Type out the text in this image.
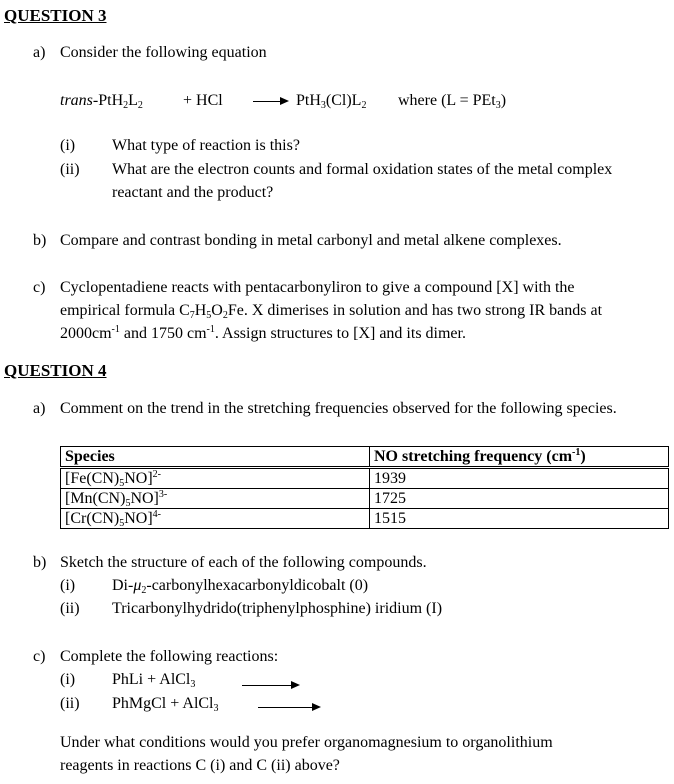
QUESTION 3
a) Consider the following equation
trans-$PtH_2L_2$	+ HCl	$PtH_3(Cl)L_2$ where (L = PEt$_3$)
(i) What type of reaction is this?
(ii) What are the electron counts and formal oxidation states of the metal complex
reactant and the product?
b) Compare and contrast bonding in metal carbonyl and metal alkene complexes.
c) Cyclopentadiene reacts with pentacarbonyliron to give a compound [X] with the
empirical formula $C_7H_5O_2Fe$. X dimerises in solution and has two strong IR bands at
$2000cm^{-1}$ and 1750 $cm^{-1}$. Assign structures to [X] and its dimer.
QUESTION 4
a) Comment on the trend in the stretching frequencies observed for the following species.
Species	NO stretching frequency $(cm^{-1})$
$[Fe(CN)_5NO]^{2-}$	1939
$[Mn(CN)_5NO]^{3-}$	1725
$[Cr(CN)_5NO]^{4-}$	1515
b) Sketch the structure of each of the following compounds.
(i) $Di-\mu_2$-carbonylhexacarbonyldicobalt (0)
(ii) Tricarbonylhydrido(triphenylphosphine) iridium (I)
c) Complete the following reactions:
(i) PhLi + AlCl$_3$
(ii) PhMgCl + AlCl$_3$
Under what conditions would you prefer organomagnesium to organolithium
reagents in reactions C (i) and C (ii) above?
